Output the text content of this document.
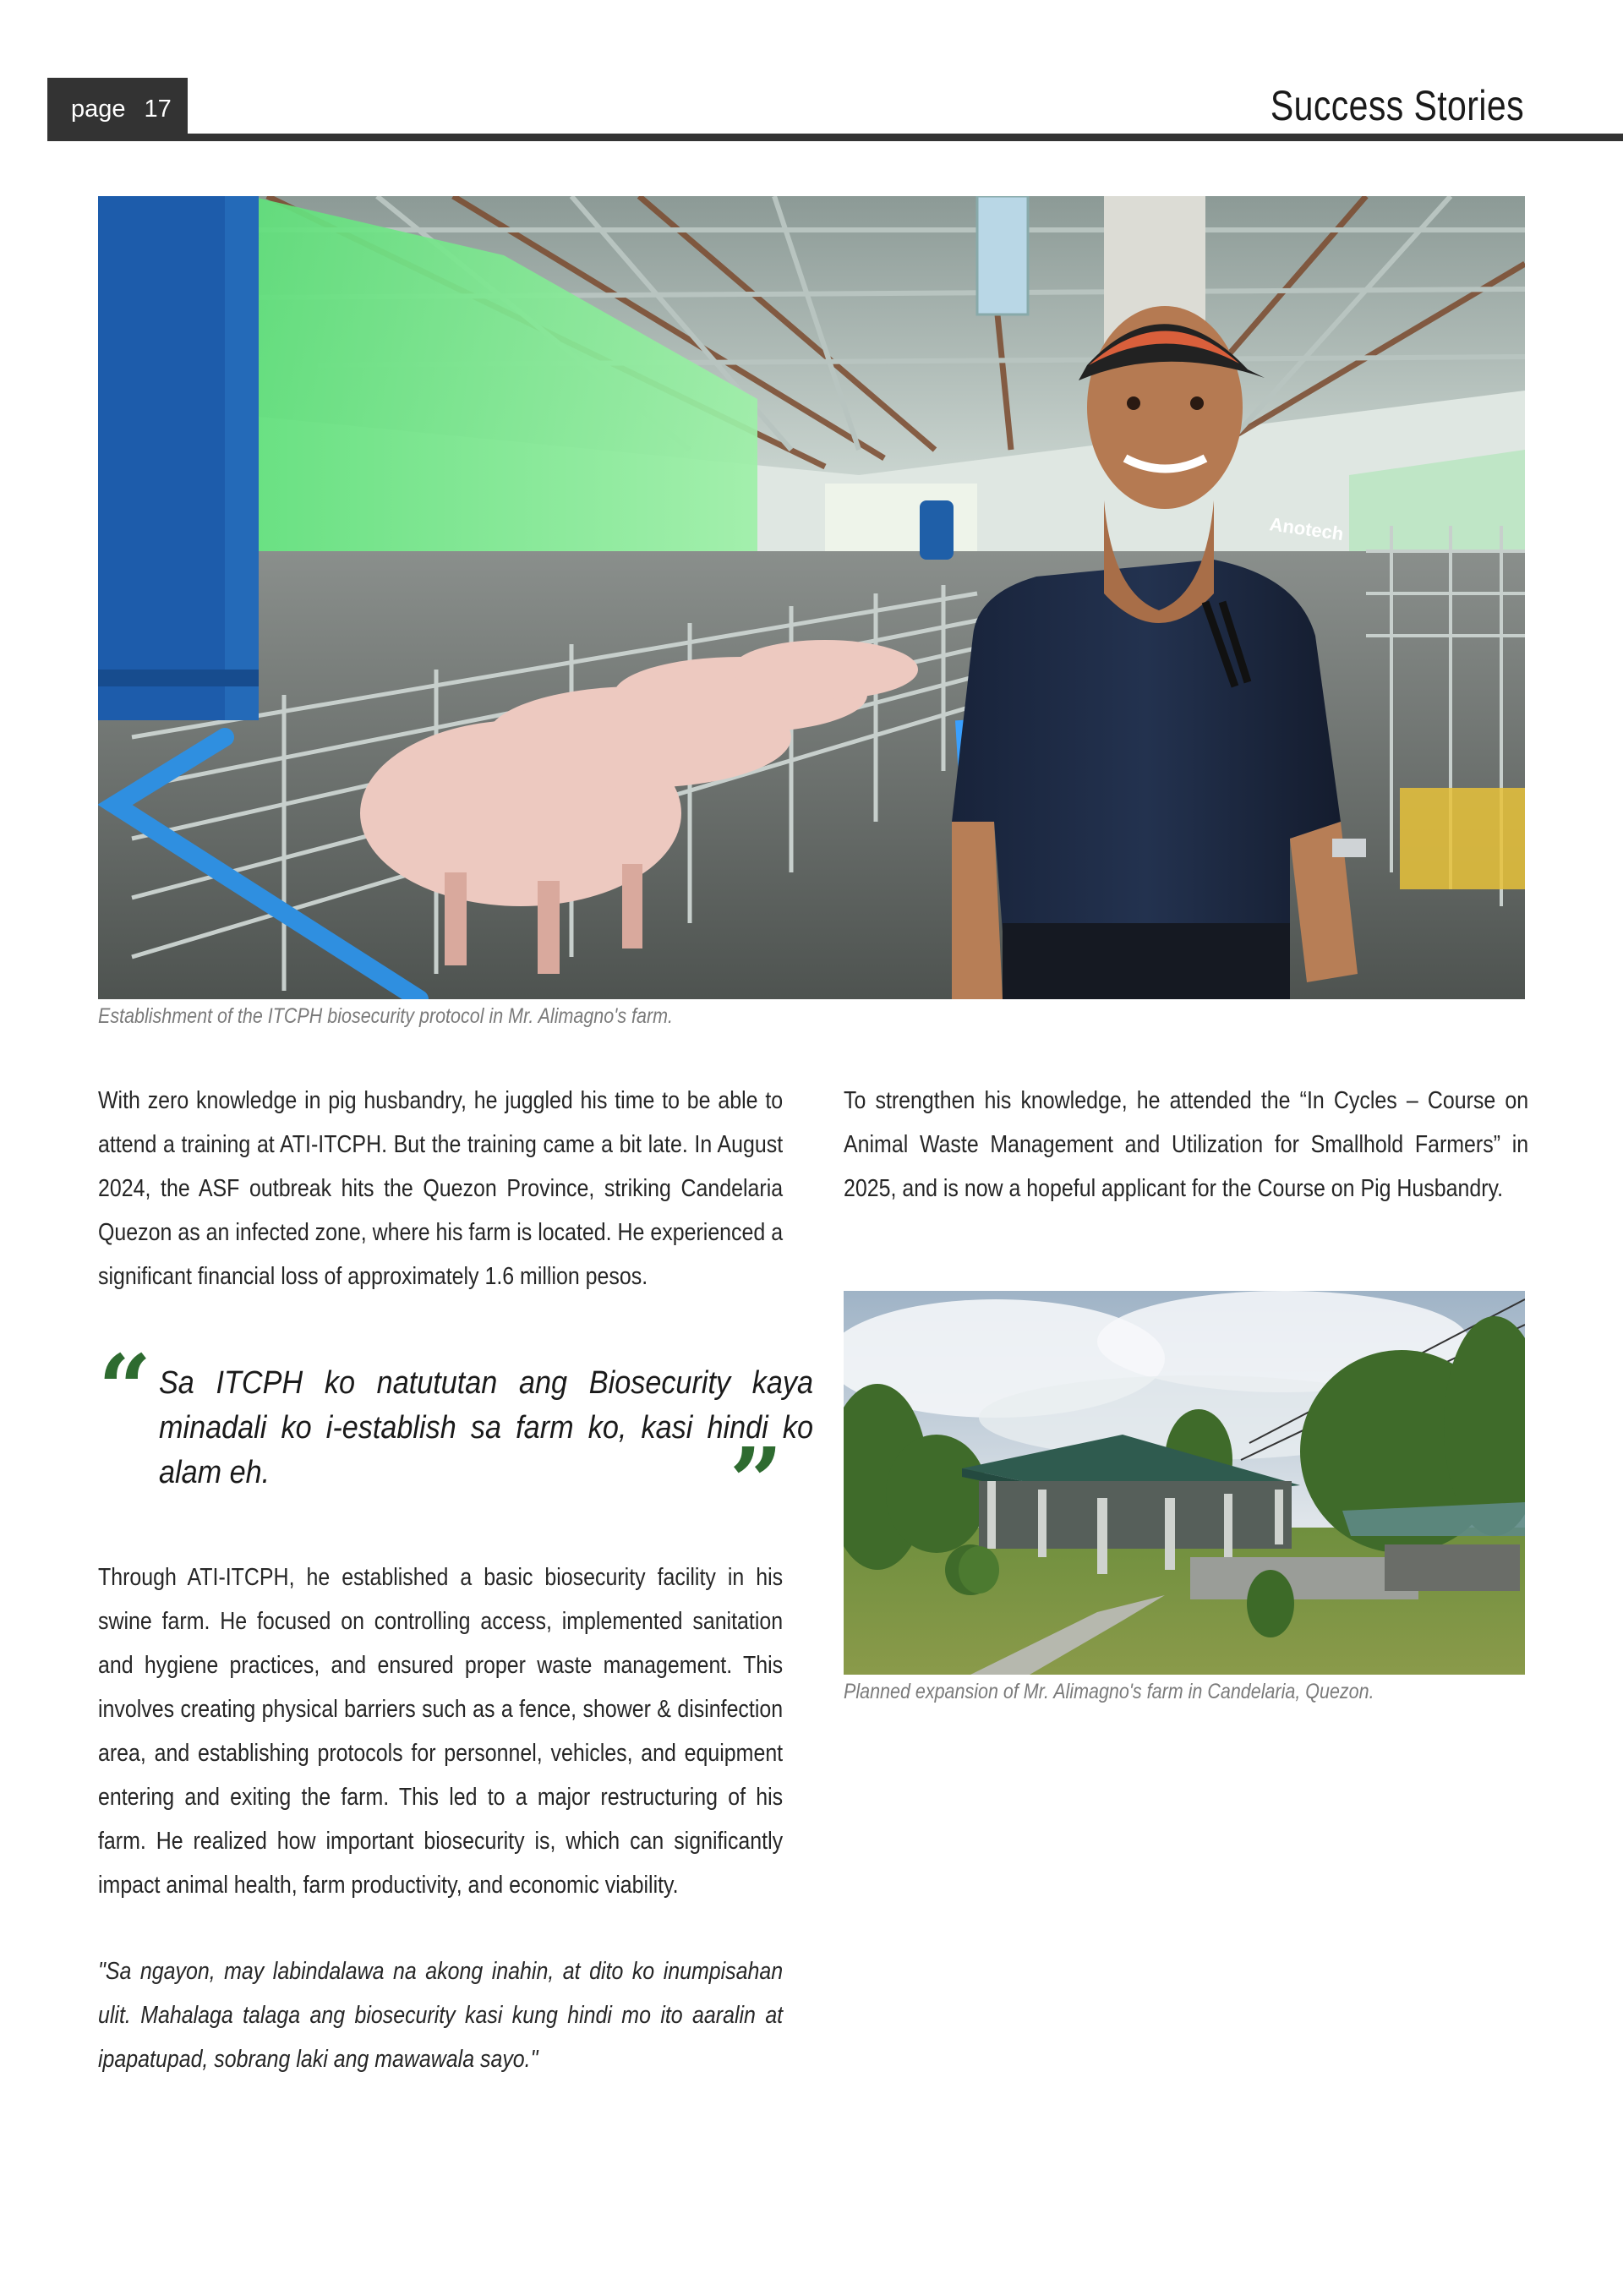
page 17	Success Stories
Anotech
Establishment of the ITCPH biosecurity protocol in Mr. Alimagno's farm.

With zero knowledge in pig husbandry, he juggled his time to be able to attend a training at ATI-ITCPH. But the training came a bit late. In August 2024, the ASF outbreak hits the Quezon Province, striking Candelaria Quezon as an infected zone, where his farm is located. He experienced a significant financial loss of approximately 1.6 million pesos.

“ Sa ITCPH ko natututan ang Biosecurity kaya minadali ko i-establish sa farm ko, kasi hindi ko alam eh.	”

Through ATI-ITCPH, he established a basic biosecurity facility in his swine farm. He focused on controlling access, implemented sanitation and hygiene practices, and ensured proper waste management. This involves creating physical barriers such as a fence, shower & disinfection area, and establishing protocols for personnel, vehicles, and equipment entering and exiting the farm. This led to a major restructuring of his farm. He realized how important biosecurity is, which can significantly impact animal health, farm productivity, and economic viability.

"Sa ngayon, may labindalawa na akong inahin, at dito ko inumpisahan ulit. Mahalaga talaga ang biosecurity kasi kung hindi mo ito aaralin at ipapatupad, sobrang laki ang mawawala sayo."

To strengthen his knowledge, he attended the “In Cycles – Course on Animal Waste Management and Utilization for Smallhold Farmers” in 2025, and is now a hopeful applicant for the Course on Pig Husbandry.

Planned expansion of Mr. Alimagno's farm in Candelaria, Quezon.
